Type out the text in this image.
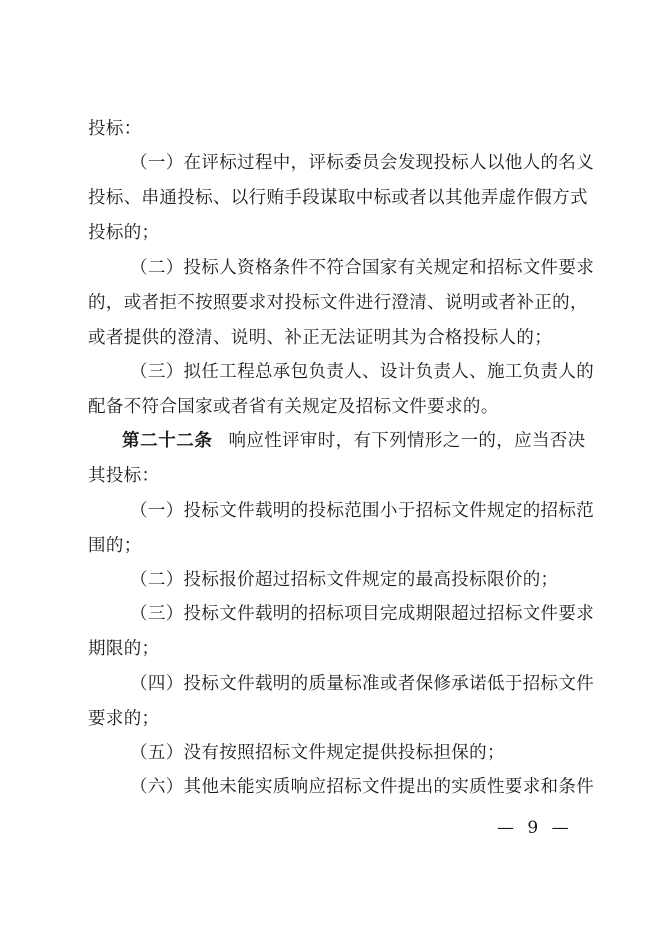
投标：

（一）在评标过程中，评标委员会发现投标人以他人的名义
投标、串通投标、以行贿手段谋取中标或者以其他弄虚作假方式
投标的；

（二）投标人资格条件不符合国家有关规定和招标文件要求
的，或者拒不按照要求对投标文件进行澄清、说明或者补正的，
或者提供的澄清、说明、补正无法证明其为合格投标人的；

（三）拟任工程总承包负责人、设计负责人、施工负责人的
配备不符合国家或者省有关规定及招标文件要求的。

第二十二条 响应性评审时，有下列情形之一的，应当否决
其投标：

（一）投标文件载明的投标范围小于招标文件规定的招标范
围的；

（二）投标报价超过招标文件规定的最高投标限价的；

（三）投标文件载明的招标项目完成期限超过招标文件要求
期限的；

（四）投标文件载明的质量标准或者保修承诺低于招标文件
要求的；

（五）没有按照招标文件规定提供投标担保的；

（六）其他未能实质响应招标文件提出的实质性要求和条件

— 9 —
